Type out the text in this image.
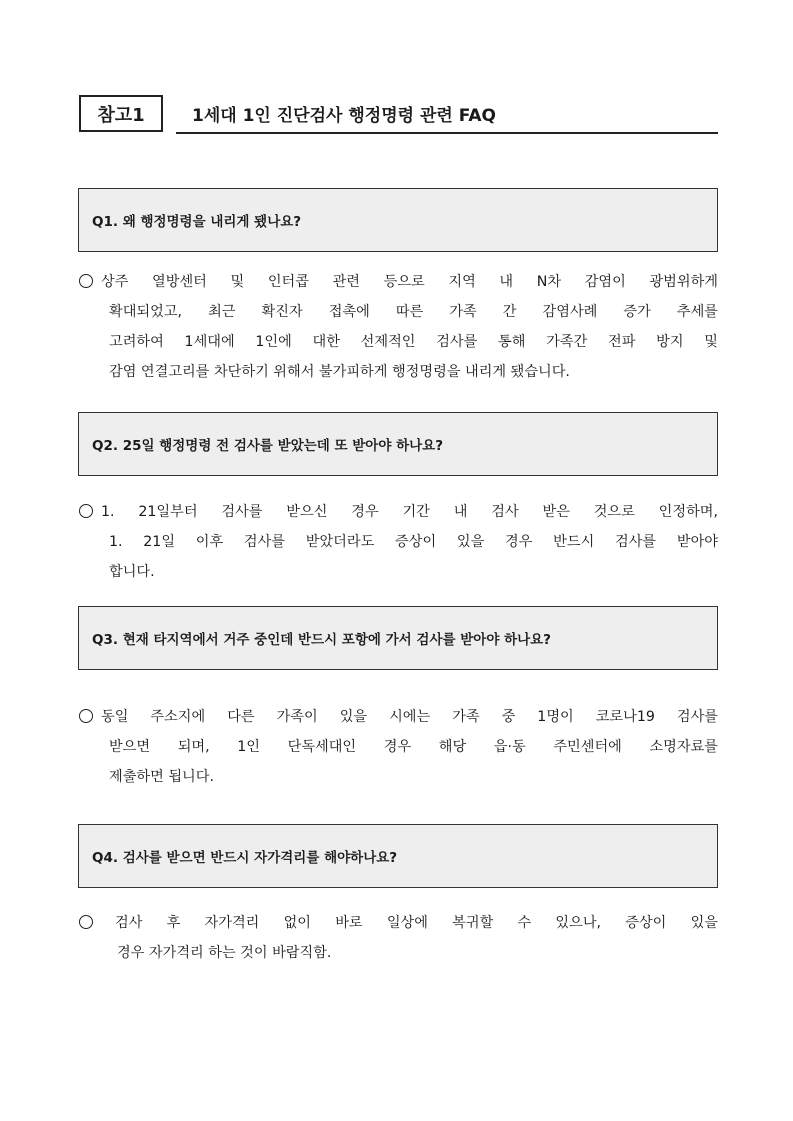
참고1	1세대 1인 진단검사 행정명령 관련 FAQ
Q1. 왜 행정명령을 내리게 됐나요?
상주 열방센터 및 인터콥 관련 등으로 지역 내 N차 감염이 광범위하게
확대되었고, 최근 확진자 접촉에 따른 가족 간 감염사례 증가 추세를
고려하여 1세대에 1인에 대한 선제적인 검사를 통해 가족간 전파 방지 및
감염 연결고리를 차단하기 위해서 불가피하게 행정명령을 내리게 됐습니다.
Q2. 25일 행정명령 전 검사를 받았는데 또 받아야 하나요?
1. 21일부터 검사를 받으신 경우 기간 내 검사 받은 것으로 인정하며,
1. 21일 이후 검사를 받았더라도 증상이 있을 경우 반드시 검사를 받아야
합니다.
Q3. 현재 타지역에서 거주 중인데 반드시 포항에 가서 검사를 받아야 하나요?
동일 주소지에 다른 가족이 있을 시에는 가족 중 1명이 코로나19 검사를
받으면 되며, 1인 단독세대인 경우 해당 읍·동 주민센터에 소명자료를
제출하면 됩니다.
Q4. 검사를 받으면 반드시 자가격리를 해야하나요?
검사 후 자가격리 없이 바로 일상에 복귀할 수 있으나, 증상이 있을
경우 자가격리 하는 것이 바람직함.
